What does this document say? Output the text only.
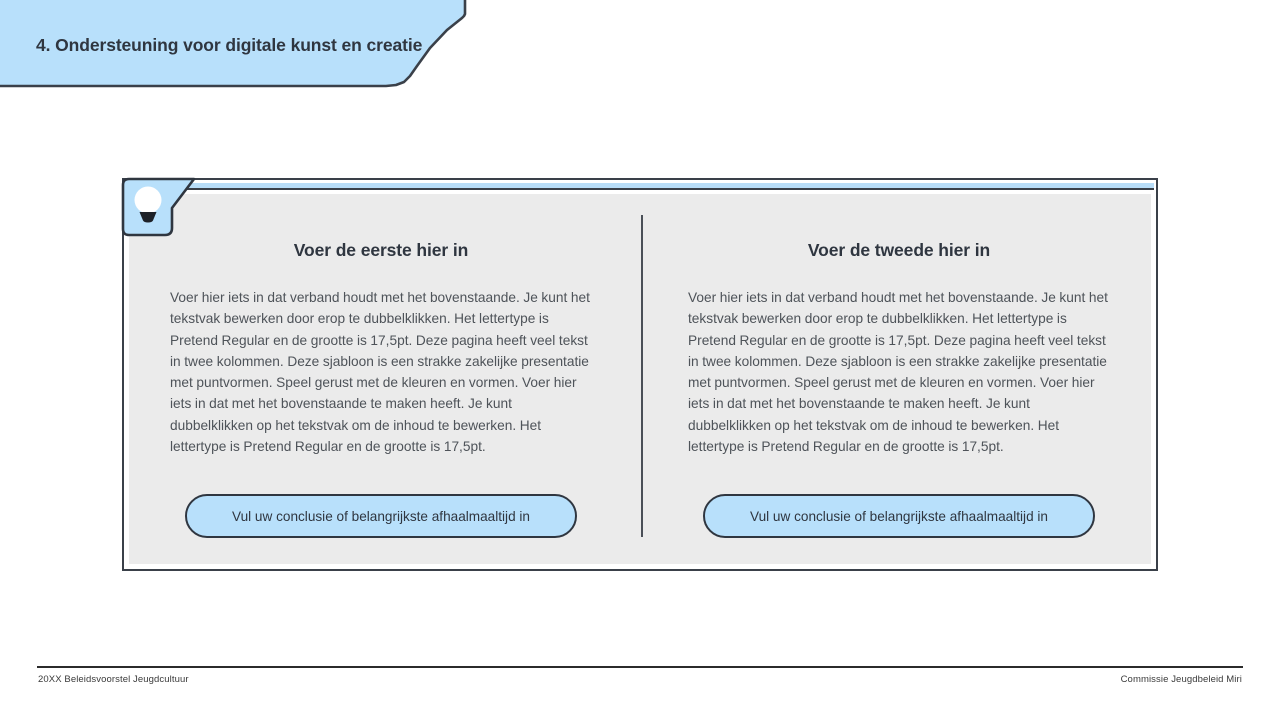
4. Ondersteuning voor digitale kunst en creatie
Voer de eerste hier in

Voer hier iets in dat verband houdt met het bovenstaande. Je kunt het tekstvak bewerken door erop te dubbelklikken. Het lettertype is Pretend Regular en de grootte is 17,5pt. Deze pagina heeft veel tekst in twee kolommen. Deze sjabloon is een strakke zakelijke presentatie met puntvormen. Speel gerust met de kleuren en vormen. Voer hier iets in dat met het bovenstaande te maken heeft. Je kunt dubbelklikken op het tekstvak om de inhoud te bewerken. Het lettertype is Pretend Regular en de grootte is 17,5pt.

Vul uw conclusie of belangrijkste afhaalmaaltijd in
Voer de tweede hier in

Voer hier iets in dat verband houdt met het bovenstaande. Je kunt het tekstvak bewerken door erop te dubbelklikken. Het lettertype is Pretend Regular en de grootte is 17,5pt. Deze pagina heeft veel tekst in twee kolommen. Deze sjabloon is een strakke zakelijke presentatie met puntvormen. Speel gerust met de kleuren en vormen. Voer hier iets in dat met het bovenstaande te maken heeft. Je kunt dubbelklikken op het tekstvak om de inhoud te bewerken. Het lettertype is Pretend Regular en de grootte is 17,5pt.

Vul uw conclusie of belangrijkste afhaalmaaltijd in
20XX Beleidsvoorstel Jeugdcultuur	Commissie Jeugdbeleid Miri
